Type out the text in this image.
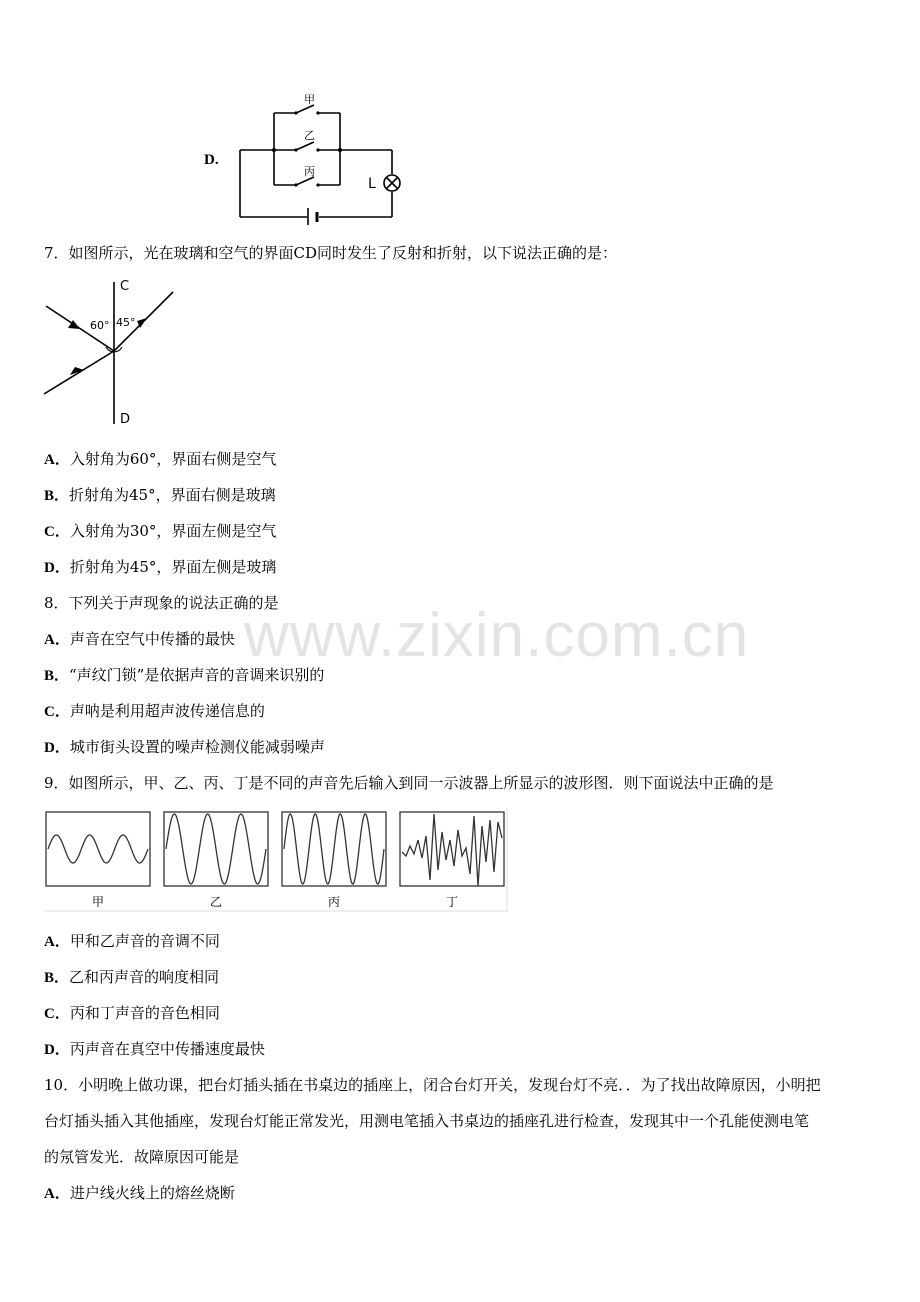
www.zixin.com.cn
D.
甲
乙
丙
L
7．如图所示，光在玻璃和空气的界面CD同时发生了反射和折射，以下说法正确的是：
C
D
60° 45°
A．入射角为60°，界面右侧是空气
B．折射角为45°，界面右侧是玻璃
C．入射角为30°，界面左侧是空气
D．折射角为45°，界面左侧是玻璃
8．下列关于声现象的说法正确的是
A．声音在空气中传播的最快
B．“声纹门锁”是依据声音的音调来识别的
C．声呐是利用超声波传递信息的
D．城市街头设置的噪声检测仪能减弱噪声
9．如图所示，甲、乙、丙、丁是不同的声音先后输入到同一示波器上所显示的波形图．则下面说法中正确的是
甲	乙	丙	丁
A．甲和乙声音的音调不同
B．乙和丙声音的响度相同
C．丙和丁声音的音色相同
D．丙声音在真空中传播速度最快
10．小明晚上做功课，把台灯插头插在书桌边的插座上，闭合台灯开关，发现台灯不亮．．为了找出故障原因，小明把
台灯插头插入其他插座，发现台灯能正常发光，用测电笔插入书桌边的插座孔进行检查，发现其中一个孔能使测电笔
的氖管发光．故障原因可能是
A．进户线火线上的熔丝烧断
